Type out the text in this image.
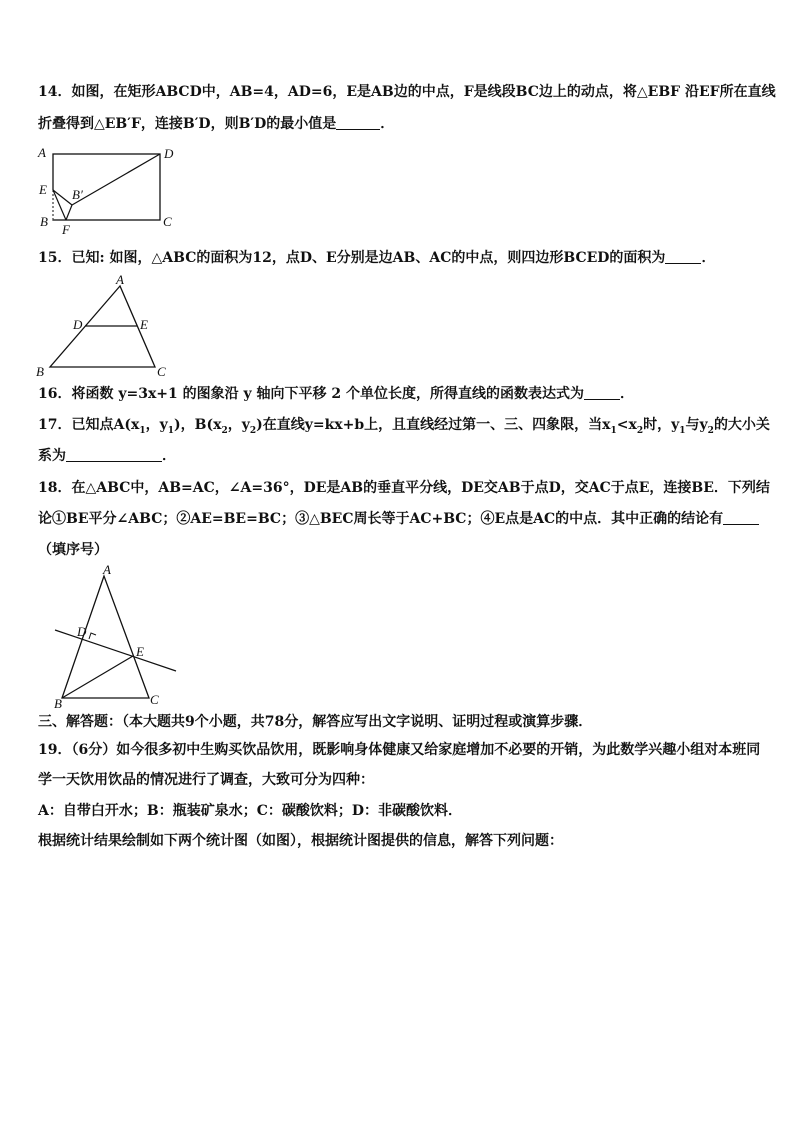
14．如图，在矩形ABCD中，AB=4，AD=6，E是AB边的中点，F是线段BC边上的动点，将△EBF 沿EF所在直线
折叠得到△EB′F，连接B′D，则B′D的最小值是	．
A	D
E B′
B	C
F
15．已知: 如图，△ABC的面积为12，点D、E分别是边AB、AC的中点，则四边形BCED的面积为	．
A
D	E
B	C
16．将函数 y=3x+1 的图象沿 y 轴向下平移 2 个单位长度，所得直线的函数表达式为	．
17．已知点$A(x_1$，$y_1$)，$B(x_2$，$y_2$)在直线y=kx+b上，且直线经过第一、三、四象限，当$x_1<x_2$时，$y_1$与$y_2$的大小关
系为	．
18．在△ABC中，AB=AC，∠A=36°，DE是AB的垂直平分线，DE交AB于点D，交AC于点E，连接BE．下列结
论①BE平分∠ABC；②AE=BE=BC；③△BEC周长等于AC+BC；④E点是AC的中点．其中正确的结论有
（填序号）
A
D
E
B	C
三、解答题：（本大题共9个小题，共78分，解答应写出文字说明、证明过程或演算步骤．
19．（6分）如今很多初中生购买饮品饮用，既影响身体健康又给家庭增加不必要的开销，为此数学兴趣小组对本班同
学一天饮用饮品的情况进行了调查，大致可分为四种：
A：自带白开水；B：瓶装矿泉水；C：碳酸饮料；D：非碳酸饮料．
根据统计结果绘制如下两个统计图（如图），根据统计图提供的信息，解答下列问题：
